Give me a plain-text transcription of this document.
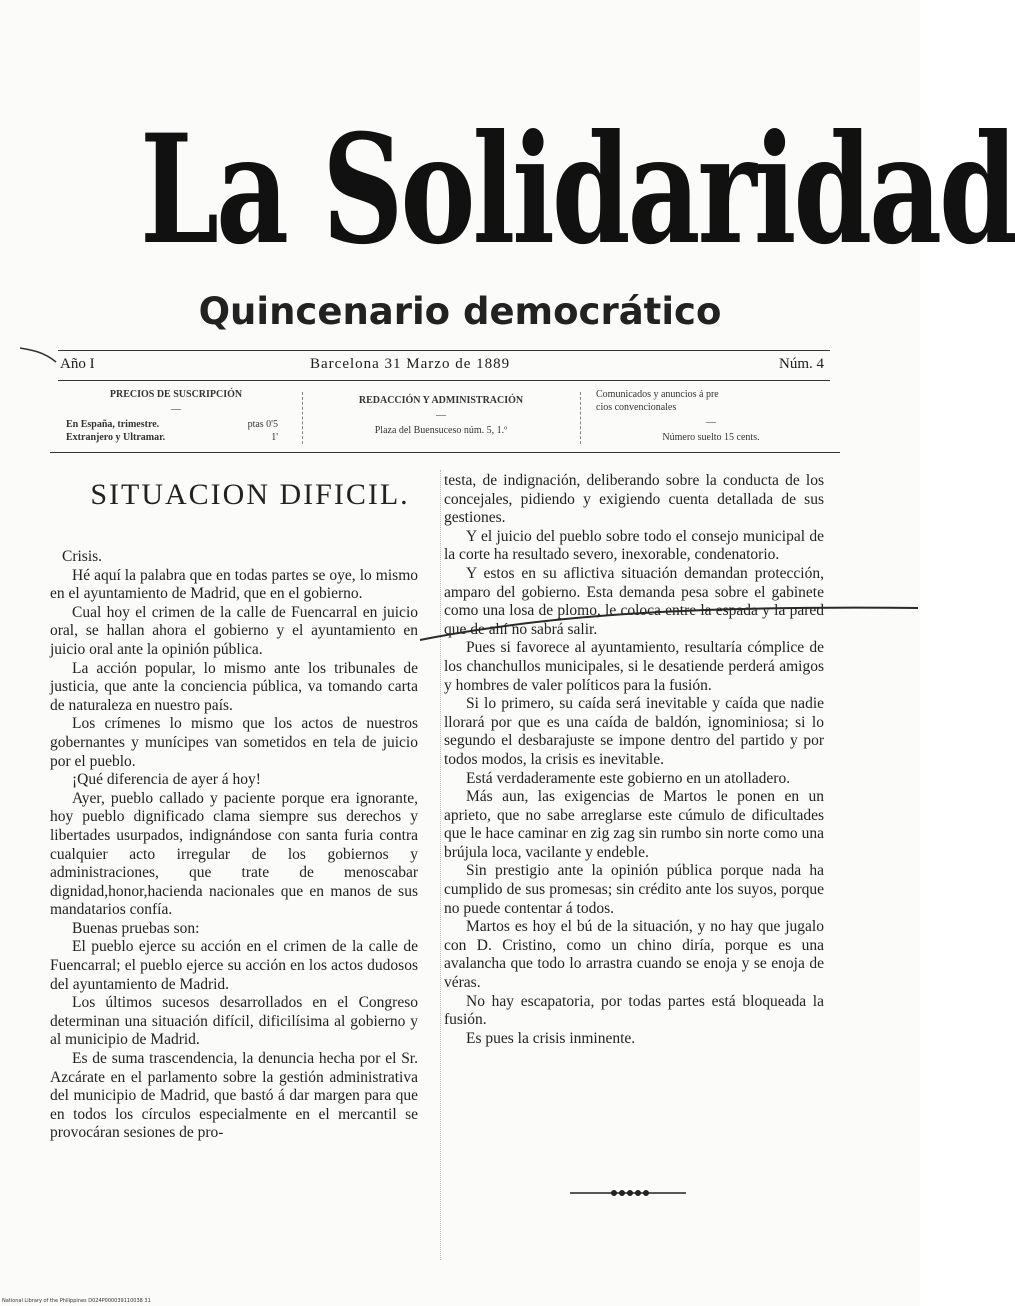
La Solidaridad
Quincenario democrático
Año I	Barcelona 31 Marzo de 1889	Núm. 4
PRECIOS DE SUSCRIPCIÓN
—
En España, trimestre.	ptas 0'5
Extranjero y Ultramar.	1'
REDACCIÓN Y ADMINISTRACIÓN
—
Plaza del Buensuceso núm. 5, 1.º
Comunicados y anuncios á pre
cios convencionales
—
Número suelto 15 cents.
SITUACION DIFICIL.

Crisis.

Hé aquí la palabra que en todas partes se oye, lo mismo en el ayuntamiento de Madrid, que en el gobierno.

Cual hoy el crimen de la calle de Fuencarral en juicio oral, se hallan ahora el gobierno y el ayuntamiento en juicio oral ante la opinión pública.

La acción popular, lo mismo ante los tribunales de justicia, que ante la conciencia pública, va tomando carta de naturaleza en nuestro país.

Los crímenes lo mismo que los actos de nuestros gobernantes y munícipes van sometidos en tela de juicio por el pueblo.

¡Qué diferencia de ayer á hoy!

Ayer, pueblo callado y paciente porque era ignorante, hoy pueblo dignificado clama siempre sus derechos y libertades usurpados, indignándose con santa furia contra cualquier acto irregular de los gobiernos y administraciones, que trate de menoscabar dignidad,honor,hacienda nacionales que en manos de sus mandatarios confía.

Buenas pruebas son:

El pueblo ejerce su acción en el crimen de la calle de Fuencarral; el pueblo ejerce su acción en los actos dudosos del ayuntamiento de Madrid.

Los últimos sucesos desarrollados en el Congreso determinan una situación difícil, dificilísima al gobierno y al municipio de Madrid.

Es de suma trascendencia, la denuncia hecha por el Sr. Azcárate en el parlamento sobre la gestión administrativa del municipio de Madrid, que bastó á dar margen para que en todos los círculos especialmente en el mercantil se provocáran sesiones de pro-

testa, de indignación, deliberando sobre la conducta de los concejales, pidiendo y exigiendo cuenta detallada de sus gestiones.

Y el juicio del pueblo sobre todo el consejo municipal de la corte ha resultado severo, inexorable, condenatorio.

Y estos en su aflictiva situación demandan protección, amparo del gobierno. Esta demanda pesa sobre el gabinete como una losa de plomo, le coloca entre la espada y la pared que de ahí no sabrá salir.

Pues si favorece al ayuntamiento, resultaría cómplice de los chanchullos municipales, si le desatiende perderá amigos y hombres de valer políticos para la fusión.

Si lo primero, su caída será inevitable y caída que nadie llorará por que es una caída de baldón, ignominiosa; si lo segundo el desbarajuste se impone dentro del partido y por todos modos, la crisis es inevitable.

Está verdaderamente este gobierno en un atolladero.

Más aun, las exigencias de Martos le ponen en un aprieto, que no sabe arreglarse este cúmulo de dificultades que le hace caminar en zig zag sin rumbo sin norte como una brújula loca, vacilante y endeble.

Sin prestigio ante la opinión pública porque nada ha cumplido de sus promesas; sin crédito ante los suyos, porque no puede contentar á todos.

Martos es hoy el bú de la situación, y no hay que jugalo con D. Cristino, como un chino diría, porque es una avalancha que todo lo arrastra cuando se enoja y se enoja de véras.

No hay escapatoria, por todas partes está bloqueada la fusión.

Es pues la crisis inminente.

National Library of the Philippines D024P000039110038 31
